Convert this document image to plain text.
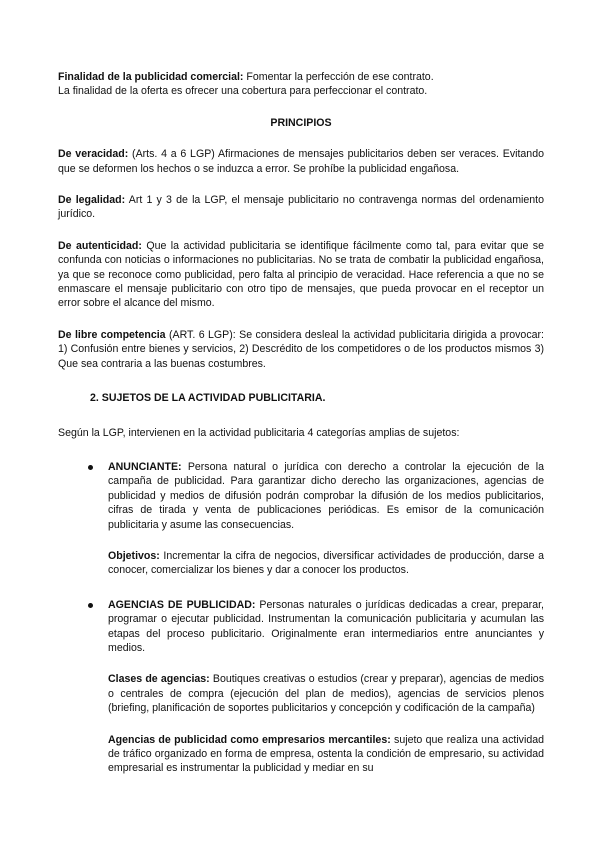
Finalidad de la publicidad comercial: Fomentar la perfección de ese contrato.

La finalidad de la oferta es ofrecer una cobertura para perfeccionar el contrato.

PRINCIPIOS

De veracidad: (Arts. 4 a 6 LGP) Afirmaciones de mensajes publicitarios deben ser veraces. Evitando que se deformen los hechos o se induzca a error. Se prohíbe la publicidad engañosa.

De legalidad: Art 1 y 3 de la LGP, el mensaje publicitario no contravenga normas del ordenamiento jurídico.

De autenticidad: Que la actividad publicitaria se identifique fácilmente como tal, para evitar que se confunda con noticias o informaciones no publicitarias. No se trata de combatir la publicidad engañosa, ya que se reconoce como publicidad, pero falta al principio de veracidad. Hace referencia a que no se enmascare el mensaje publicitario con otro tipo de mensajes, que pueda provocar en el receptor un error sobre el alcance del mismo.

De libre competencia (ART. 6 LGP): Se considera desleal la actividad publicitaria dirigida a provocar: 1) Confusión entre bienes y servicios, 2) Descrédito de los competidores o de los productos mismos 3) Que sea contraria a las buenas costumbres.

2. SUJETOS DE LA ACTIVIDAD PUBLICITARIA.

Según la LGP, intervienen en la actividad publicitaria 4 categorías amplias de sujetos:

ANUNCIANTE: Persona natural o jurídica con derecho a controlar la ejecución de la campaña de publicidad. Para garantizar dicho derecho las organizaciones, agencias de publicidad y medios de difusión podrán comprobar la difusión de los medios publicitarios, cifras de tirada y venta de publicaciones periódicas. Es emisor de la comunicación publicitaria y asume las consecuencias.

Objetivos: Incrementar la cifra de negocios, diversificar actividades de producción, darse a conocer, comercializar los bienes y dar a conocer los productos.

AGENCIAS DE PUBLICIDAD: Personas naturales o jurídicas dedicadas a crear, preparar, programar o ejecutar publicidad. Instrumentan la comunicación publicitaria y acumulan las etapas del proceso publicitario. Originalmente eran intermediarios entre anunciantes y medios.

Clases de agencias: Boutiques creativas o estudios (crear y preparar), agencias de medios o centrales de compra (ejecución del plan de medios), agencias de servicios plenos (briefing, planificación de soportes publicitarios y concepción y codificación de la campaña)

Agencias de publicidad como empresarios mercantiles: sujeto que realiza una actividad de tráfico organizado en forma de empresa, ostenta la condición de empresario, su actividad empresarial es instrumentar la publicidad y mediar en su
